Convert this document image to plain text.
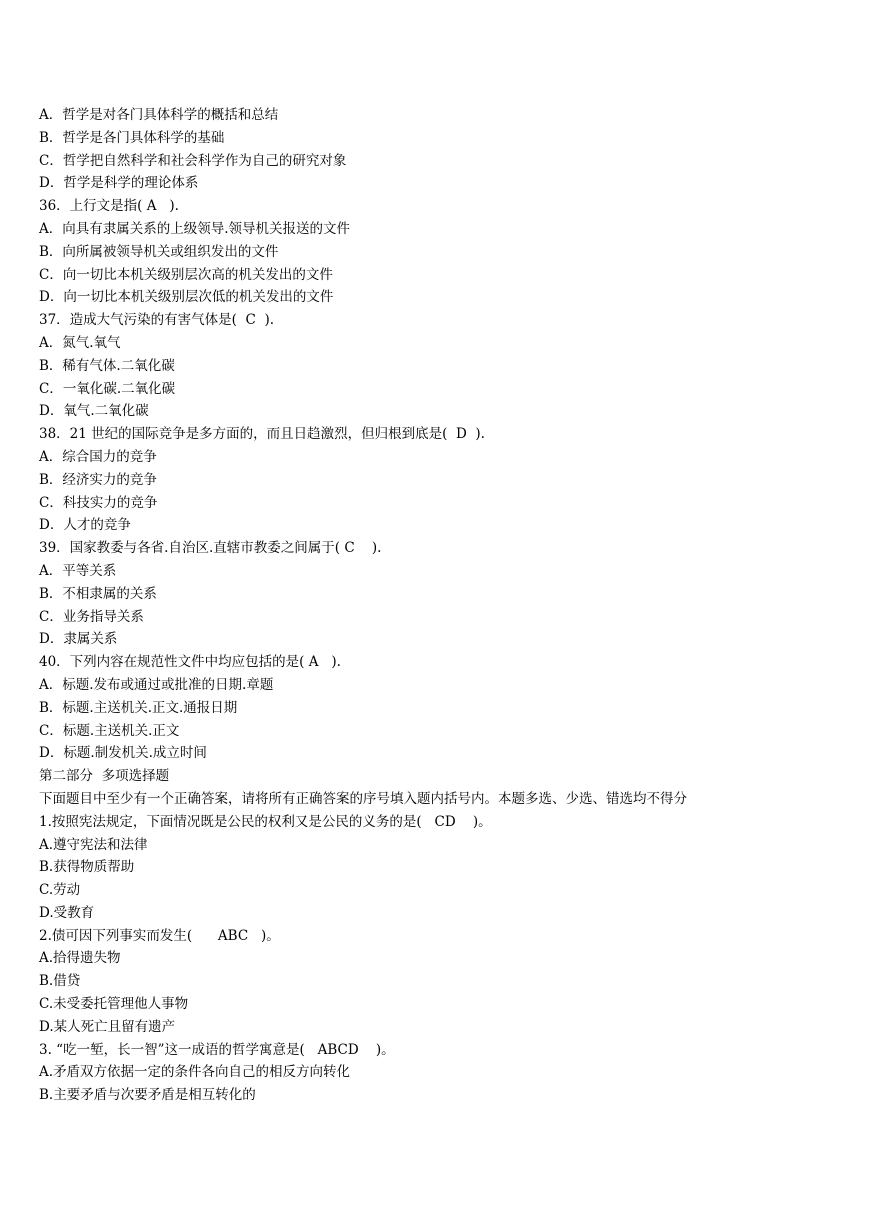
A．哲学是对各门具体科学的概括和总结
B．哲学是各门具体科学的基础
C．哲学把自然科学和社会科学作为自己的研究对象
D．哲学是科学的理论体系
36．上行文是指( A   ).
A．向具有隶属关系的上级领导.领导机关报送的文件
B．向所属被领导机关或组织发出的文件
C．向一切比本机关级别层次高的机关发出的文件
D．向一切比本机关级别层次低的机关发出的文件
37．造成大气污染的有害气体是(  C  ).
A．氮气.氧气
B．稀有气体.二氧化碳
C．一氧化碳.二氧化碳
D．氧气.二氧化碳
38．21 世纪的国际竞争是多方面的，而且日趋激烈，但归根到底是(  D  ).
A．综合国力的竞争
B．经济实力的竞争
C．科技实力的竞争
D．人才的竞争
39．国家教委与各省.自治区.直辖市教委之间属于( C    ).
A．平等关系
B．不相隶属的关系
C．业务指导关系
D．隶属关系
40．下列内容在规范性文件中均应包括的是( A   ).
A．标题.发布或通过或批准的日期.章题
B．标题.主送机关.正文.通报日期
C．标题.主送机关.正文
D．标题.制发机关.成立时间
第二部分  多项选择题
下面题目中至少有一个正确答案，请将所有正确答案的序号填入题内括号内。本题多选、少选、错选均不得分
1.按照宪法规定，下面情况既是公民的权利又是公民的义务的是(   CD    )。
A.遵守宪法和法律
B.获得物质帮助
C.劳动
D.受教育
2.债可因下列事实而发生(      ABC   )。
A.拾得遗失物
B.借贷
C.未受委托管理他人事物
D.某人死亡且留有遗产
3. “吃一堑，长一智”这一成语的哲学寓意是(   ABCD    )。
A.矛盾双方依据一定的条件各向自己的相反方向转化
B.主要矛盾与次要矛盾是相互转化的
